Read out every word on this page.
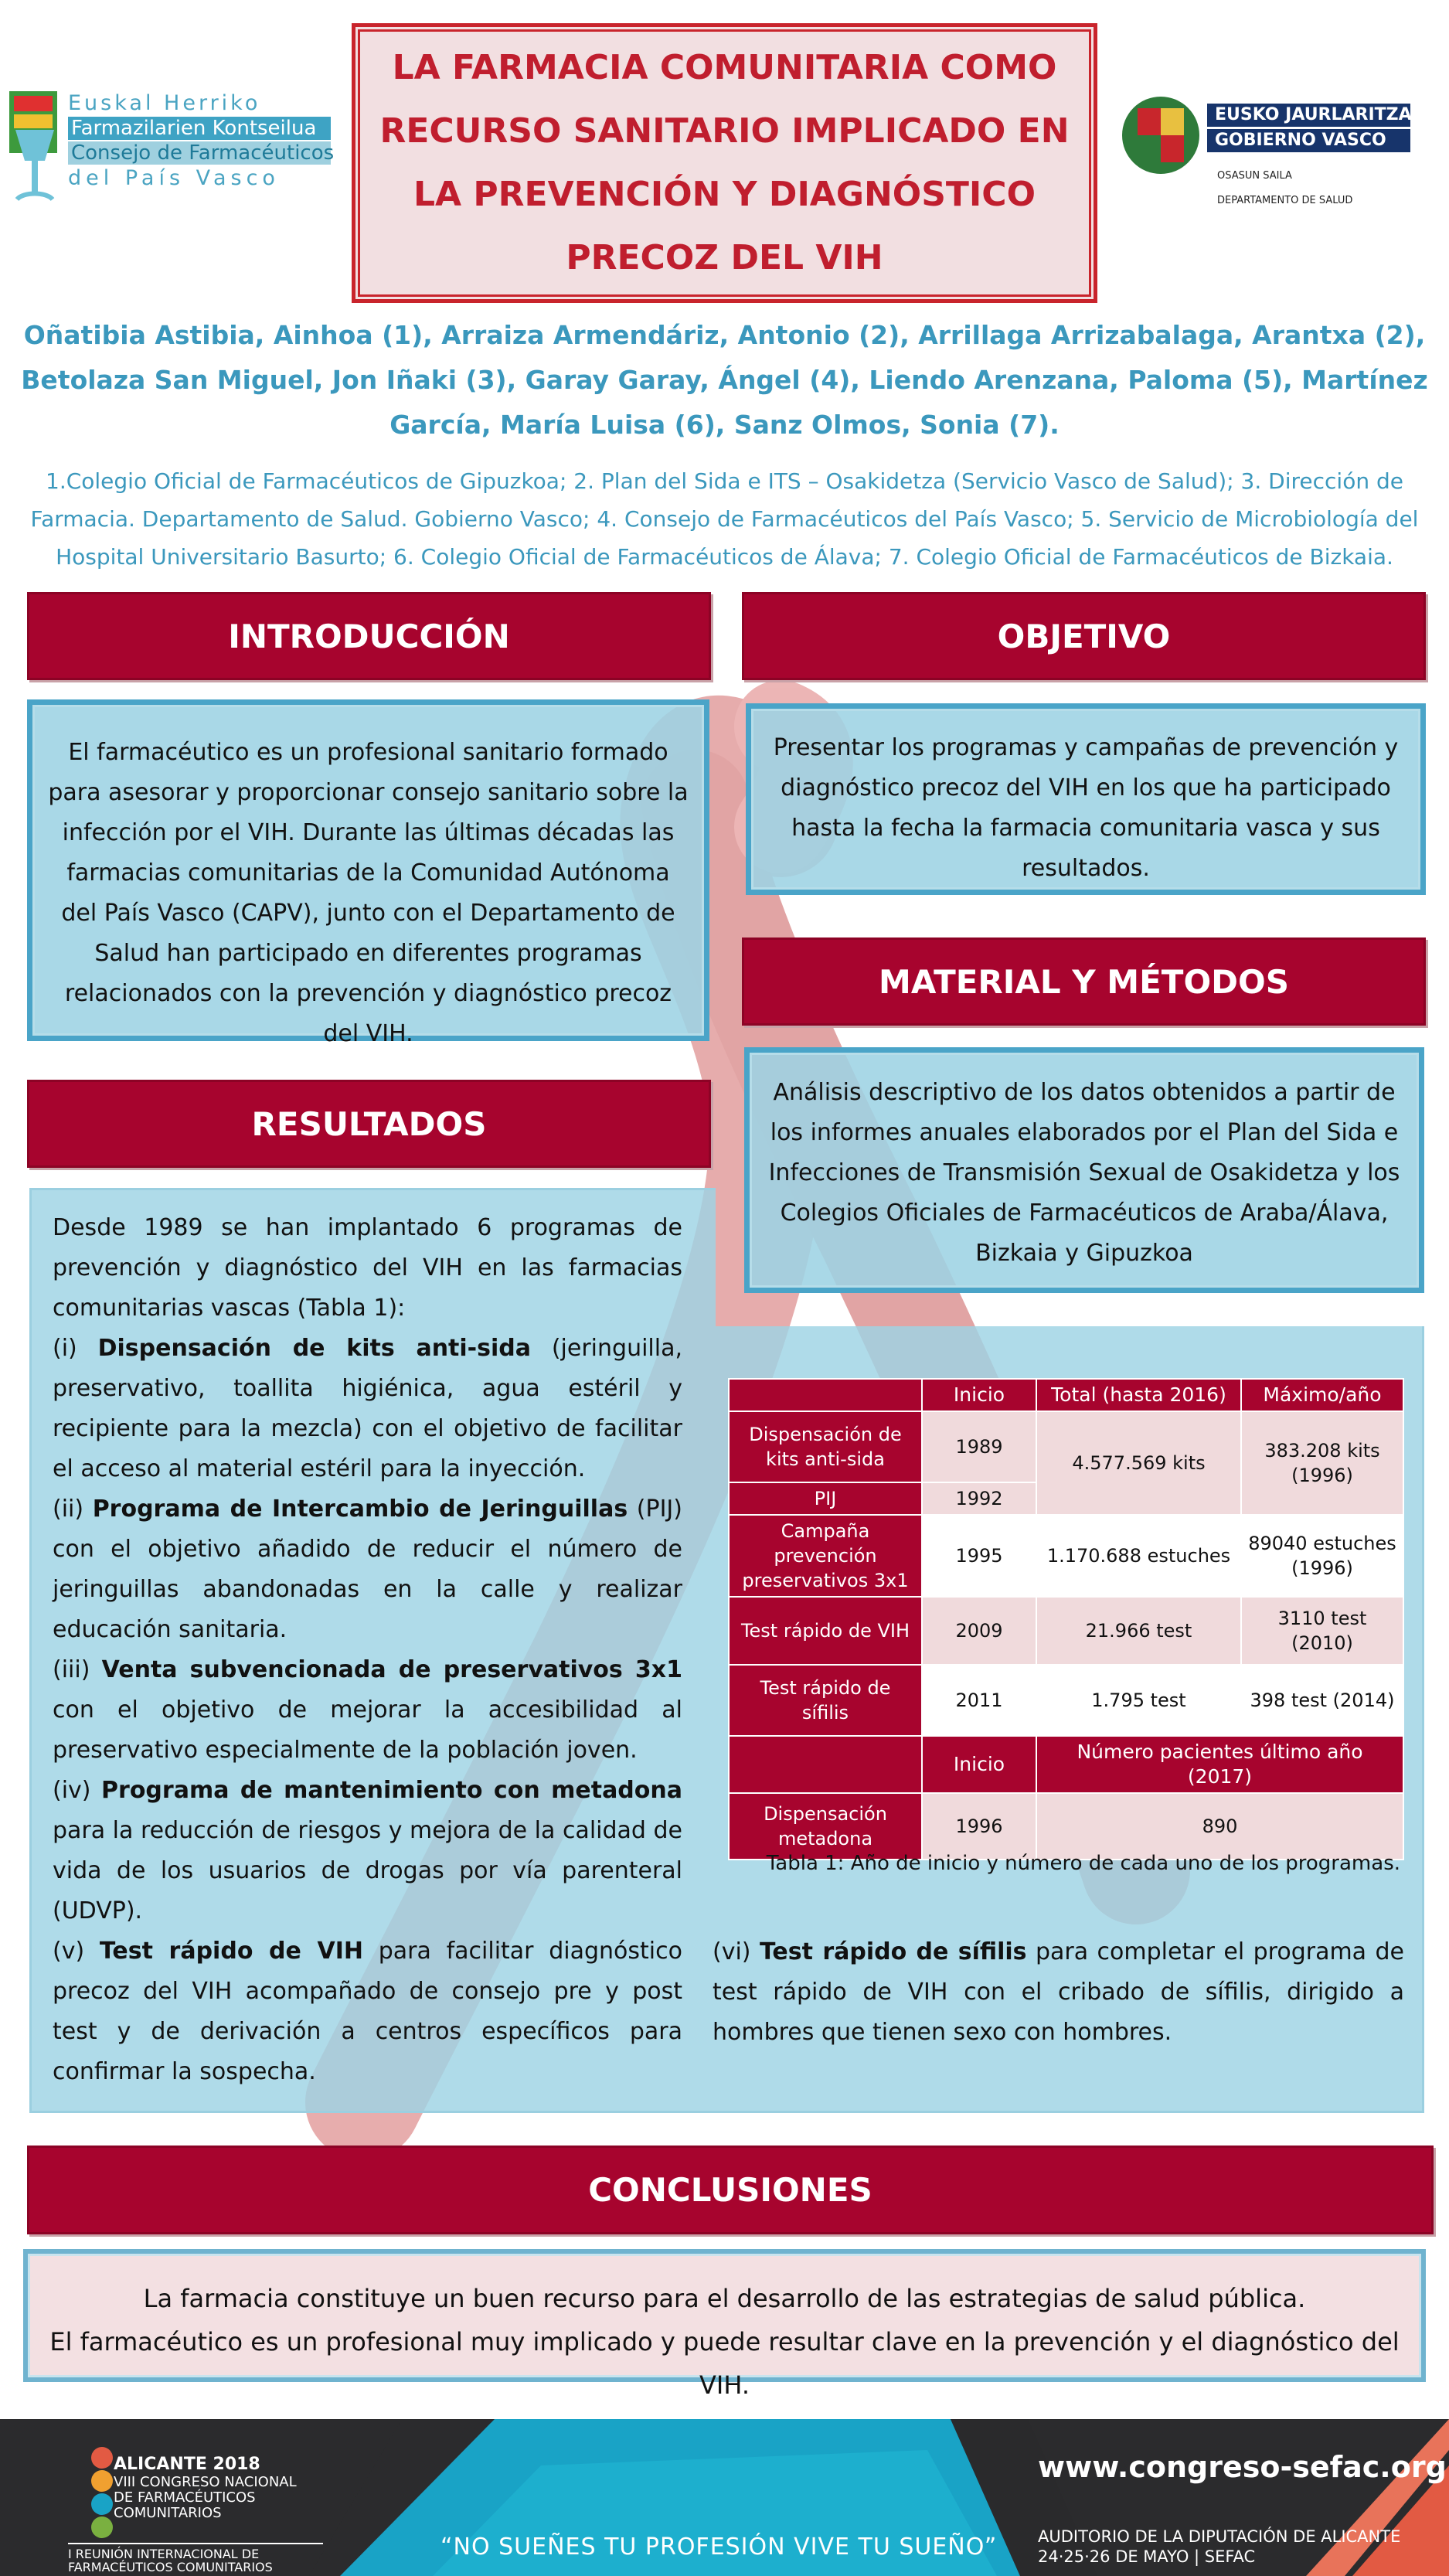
Euskal Herriko
Farmazilarien Kontseilua
Consejo de Farmacéuticos
del País Vasco
LA FARMACIA COMUNITARIA COMO RECURSO SANITARIO IMPLICADO EN LA PREVENCIÓN Y DIAGNÓSTICO PRECOZ DEL VIH
EUSKO JAURLARITZA
GOBIERNO VASCO
OSASUN SAILA
DEPARTAMENTO DE SALUD
Oñatibia Astibia, Ainhoa (1), Arraiza Armendáriz, Antonio (2), Arrillaga Arrizabalaga, Arantxa (2), Betolaza San Miguel, Jon Iñaki (3), Garay Garay, Ángel (4), Liendo Arenzana, Paloma (5), Martínez García, María Luisa (6), Sanz Olmos, Sonia (7).
1.Colegio Oficial de Farmacéuticos de Gipuzkoa; 2. Plan del Sida e ITS – Osakidetza (Servicio Vasco de Salud); 3. Dirección de Farmacia. Departamento de Salud. Gobierno Vasco; 4. Consejo de Farmacéuticos del País Vasco; 5. Servicio de Microbiología del Hospital Universitario Basurto; 6. Colegio Oficial de Farmacéuticos de Álava; 7. Colegio Oficial de Farmacéuticos de Bizkaia.
INTRODUCCIÓN
El farmacéutico es un profesional sanitario formado para asesorar y proporcionar consejo sanitario sobre la infección por el VIH. Durante las últimas décadas las farmacias comunitarias de la Comunidad Autónoma del País Vasco (CAPV), junto con el Departamento de Salud han participado en diferentes programas relacionados con la prevención y diagnóstico precoz del VIH.
OBJETIVO
Presentar los programas y campañas de prevención y diagnóstico precoz del VIH en los que ha participado hasta la fecha la farmacia comunitaria vasca y sus resultados.
MATERIAL Y MÉTODOS
Análisis descriptivo de los datos obtenidos a partir de los informes anuales elaborados por el Plan del Sida e Infecciones de Transmisión Sexual de Osakidetza y los Colegios Oficiales de Farmacéuticos de Araba/Álava, Bizkaia y Gipuzkoa
RESULTADOS

Desde 1989 se han implantado 6 programas de prevención y diagnóstico del VIH en las farmacias comunitarias vascas (Tabla 1):

(i) Dispensación de kits anti-sida (jeringuilla, preservativo, toallita higiénica, agua estéril y recipiente para la mezcla) con el objetivo de facilitar el acceso al material estéril para la inyección.

(ii) Programa de Intercambio de Jeringuillas (PIJ) con el objetivo añadido de reducir el número de jeringuillas abandonadas en la calle y realizar educación sanitaria.

(iii) Venta subvencionada de preservativos 3x1 con el objetivo de mejorar la accesibilidad al preservativo especialmente de la población joven.

(iv) Programa de mantenimiento con metadona para la reducción de riesgos y mejora de la calidad de vida de los usuarios de drogas por vía parenteral (UDVP).

(v) Test rápido de VIH para facilitar diagnóstico precoz del VIH acompañado de consejo pre y post test y de derivación a centros específicos para confirmar la sospecha.

	Inicio	Total (hasta 2016)	Máximo/año
Dispensación de kits anti-sida	1989	4.577.569 kits	383.208 kits (1996)
PIJ	1992		
Campaña prevención preservativos 3x1	1995	1.170.688 estuches	89040 estuches (1996)
Test rápido de VIH	2009	21.966 test	3110 test (2010)
Test rápido de sífilis	2011	1.795 test	398 test (2014)
	Inicio	Número pacientes último año (2017)	
Dispensación metadona	1996	890	
Tabla 1: Año de inicio y número de cada uno de los programas.

(vi) Test rápido de sífilis para completar el programa de test rápido de VIH con el cribado de sífilis, dirigido a hombres que tienen sexo con hombres.

CONCLUSIONES
La farmacia constituye un buen recurso para el desarrollo de las estrategias de salud pública.
El farmacéutico es un profesional muy implicado y puede resultar clave en la prevención y el diagnóstico del VIH.
ALICANTE 2018
VIII CONGRESO NACIONAL DE FARMACÉUTICOS COMUNITARIOS
I REUNIÓN INTERNACIONAL DE FARMACÉUTICOS COMUNITARIOS
“NO SUEÑES TU PROFESIÓN VIVE TU SUEÑO”
www.congreso-sefac.org
AUDITORIO DE LA DIPUTACIÓN DE ALICANTE
24·25·26 DE MAYO | SEFAC
